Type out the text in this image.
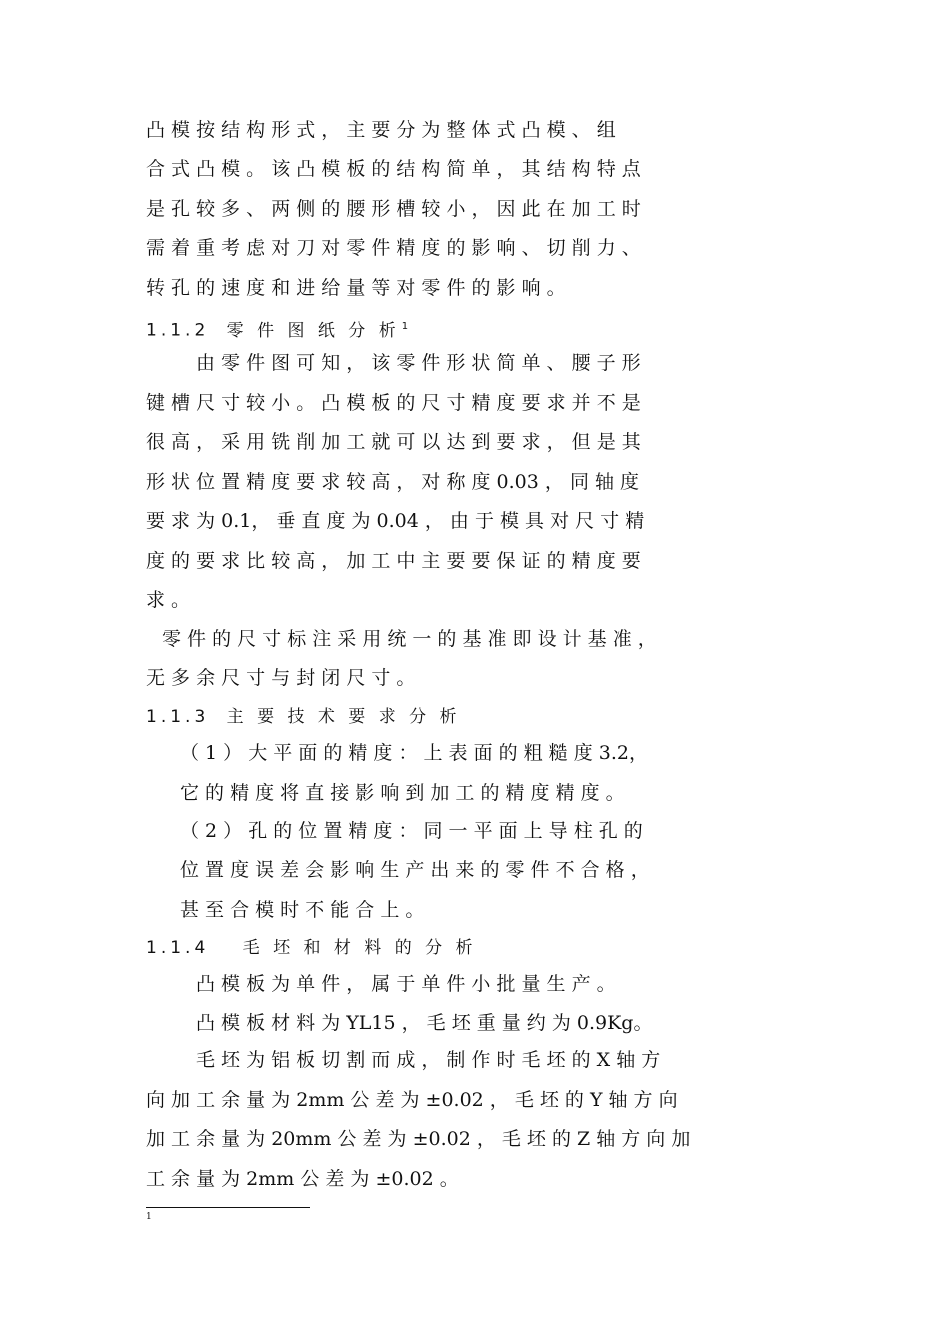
凸 模 按 结 构 形 式 ， 主 要 分 为 整 体 式 凸 模 、 组
合 式 凸 模 。 该 凸 模 板 的 结 构 简 单 ， 其 结 构 特 点
是 孔 较 多 、 两 侧 的 腰 形 槽 较 小 ， 因 此 在 加 工 时
需 着 重 考 虑 对 刀 对 零 件 精 度 的 影 响 、 切 削 力 、
转 孔 的 速 度 和 进 给 量 等 对 零 件 的 影 响 。
1.1.2 零 件 图 纸 分 析 $^1$
由 零 件 图 可 知 ， 该 零 件 形 状 简 单 、 腰 子 形
键 槽 尺 寸 较 小 。 凸 模 板 的 尺 寸 精 度 要 求 并 不 是
很 高 ， 采 用 铣 削 加 工 就 可 以 达 到 要 求 ， 但 是 其
形 状 位 置 精 度 要 求 较 高 ， 对 称 度 0.03 ， 同 轴 度
要 求 为 0.1， 垂 直 度 为 0.04 ， 由 于 模 具 对 尺 寸 精
度 的 要 求 比 较 高 ， 加 工 中 主 要 要 保 证 的 精 度 要
求 。
零 件 的 尺 寸 标 注 采 用 统 一 的 基 准 即 设 计 基 准 ，
无 多 余 尺 寸 与 封 闭 尺 寸 。
1.1.3 主 要 技 术 要 求 分 析
（ 1 ） 大 平 面 的 精 度 ： 上 表 面 的 粗 糙 度 3.2，
它 的 精 度 将 直 接 影 响 到 加 工 的 精 度 精 度 。
（ 2 ） 孔 的 位 置 精 度 ： 同 一 平 面 上 导 柱 孔 的
位 置 度 误 差 会 影 响 生 产 出 来 的 零 件 不 合 格 ，
甚 至 合 模 时 不 能 合 上 。
1.1.4 毛 坯 和 材 料 的 分 析
凸 模 板 为 单 件 ， 属 于 单 件 小 批 量 生 产 。
凸 模 板 材 料 为 YL15 ， 毛 坯 重 量 约 为 0.9Kg。
毛 坯 为 铝 板 切 割 而 成 ， 制 作 时 毛 坯 的 X 轴 方
向 加 工 余 量 为 2mm 公 差 为 ±0.02 ， 毛 坯 的 Y 轴 方 向
加 工 余 量 为 20mm 公 差 为 ±0.02 ， 毛 坯 的 Z 轴 方 向 加
工 余 量 为 2mm 公 差 为 ±0.02 。
1
